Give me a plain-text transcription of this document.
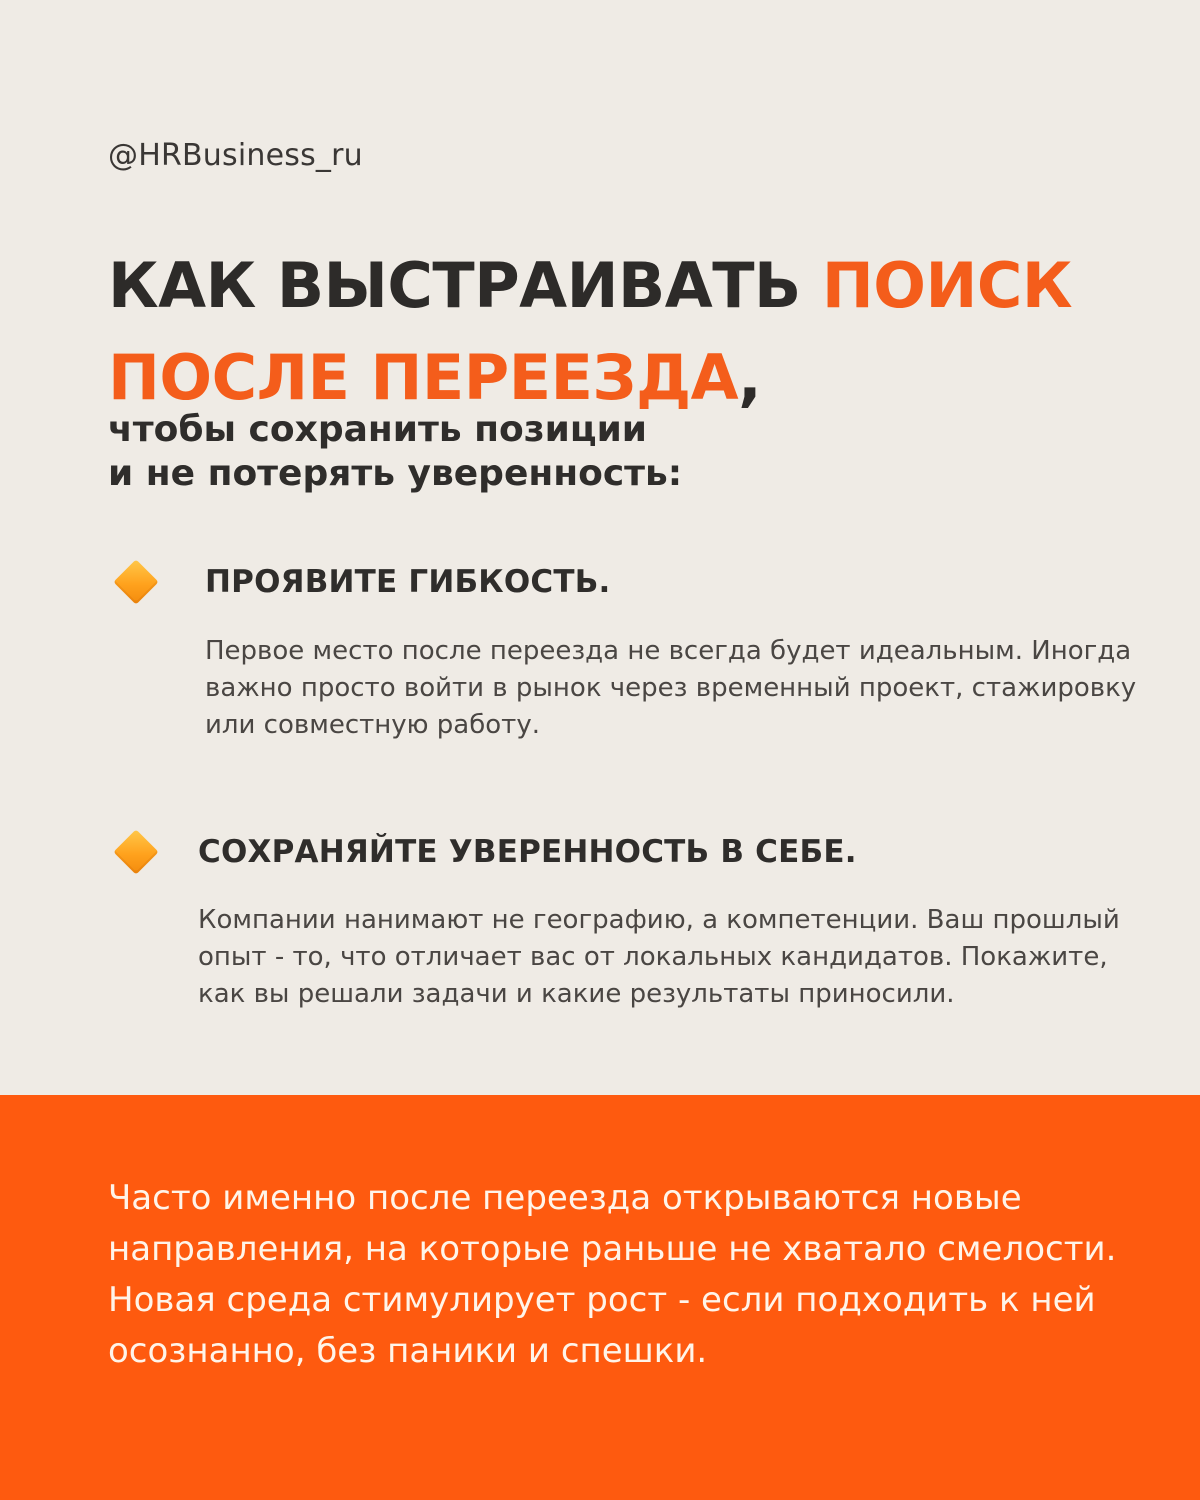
@HRBusiness_ru
КАК ВЫСТРАИВАТЬ ПОИСК
ПОСЛЕ ПЕРЕЕЗДА,
чтобы сохранить позиции
и не потерять уверенность:
ПРОЯВИТЕ ГИБКОСТЬ.
Первое место после переезда не всегда будет идеальным. Иногда важно просто войти в рынок через временный проект, стажировку или совместную работу.
СОХРАНЯЙТЕ УВЕРЕННОСТЬ В СЕБЕ.
Компании нанимают не географию, а компетенции. Ваш прошлый опыт - то, что отличает вас от локальных кандидатов. Покажите, как вы решали задачи и какие результаты приносили.
Часто именно после переезда открываются новые направления, на которые раньше не хватало смелости. Новая среда стимулирует рост - если подходить к ней осознанно, без паники и спешки.
